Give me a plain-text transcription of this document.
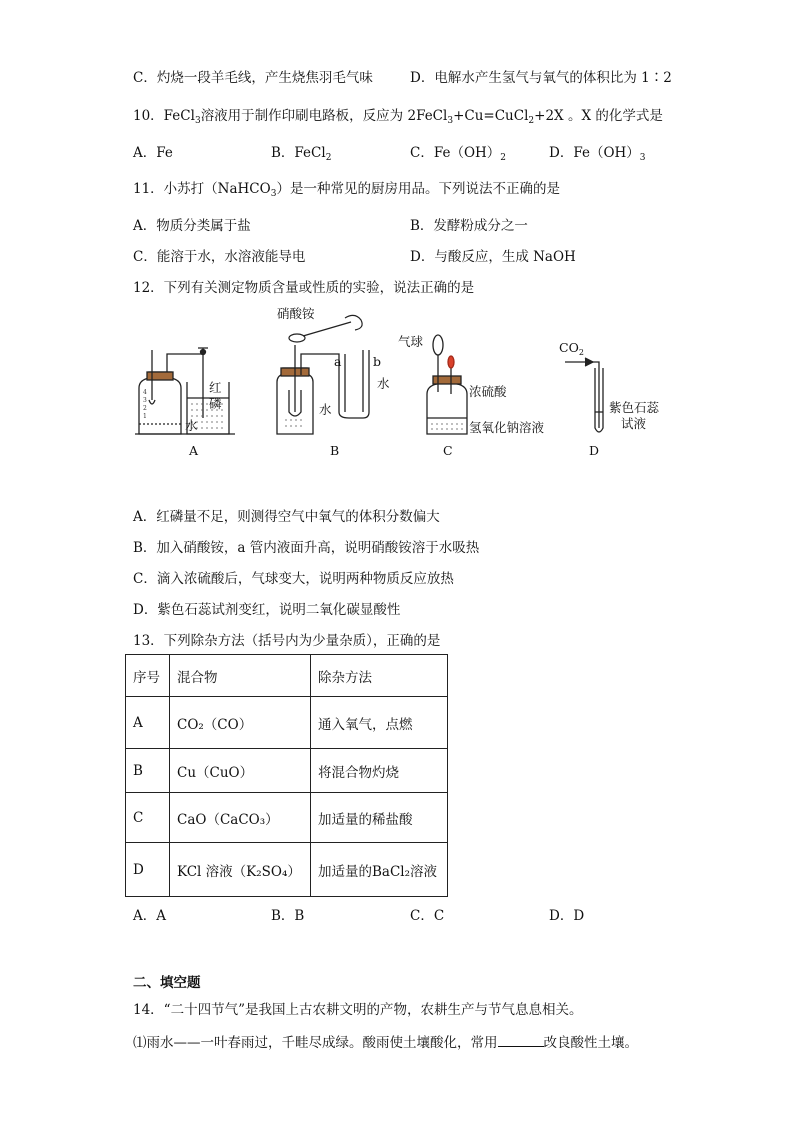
C．灼烧一段羊毛线，产生烧焦羽毛气味	D．电解水产生氢气与氧气的体积比为 1∶2
10．FeCl$_3$溶液用于制作印刷电路板，反应为 2FeCl$_3$+Cu=CuCl$_2$+2X 。X 的化学式是
A．Fe	B．FeCl$_2$	C．$Fe(OH)_2$	D．$Fe(OH)_3$
11．小苏打（NaHCO$_3$）是一种常见的厨房用品。下列说法不正确的是
A．物质分类属于盐	B．发酵粉成分之一
C．能溶于水，水溶液能导电	D．与酸反应，生成 NaOH
12．下列有关测定物质含量或性质的实验，说法正确的是
红
磷
水
硝酸铵
a	b
水
水
气球
浓硫酸
氢氧化钠溶液
$CO_2$
紫色石蕊
试液
A	B	C	D
4
3
2
1
A．红磷量不足，则测得空气中氧气的体积分数偏大
B．加入硝酸铵，a 管内液面升高，说明硝酸铵溶于水吸热
C．滴入浓硫酸后，气球变大，说明两种物质反应放热
D．紫色石蕊试剂变红，说明二氧化碳显酸性
13．下列除杂方法（括号内为少量杂质），正确的是
序号	混合物	除杂方法
A	CO₂（CO）	通入氧气，点燃
B	Cu（CuO）	将混合物灼烧
C	CaO（CaCO₃）	加适量的稀盐酸
D	KCl 溶液（K₂SO₄）	加适量的BaCl₂溶液
A．A	B．B	C．C	D．D
二、填空题
14．“二十四节气”是我国上古农耕文明的产物，农耕生产与节气息息相关。
⑴雨水——一叶春雨过，千畦尽成绿。酸雨使土壤酸化，常用	改良酸性土壤。
